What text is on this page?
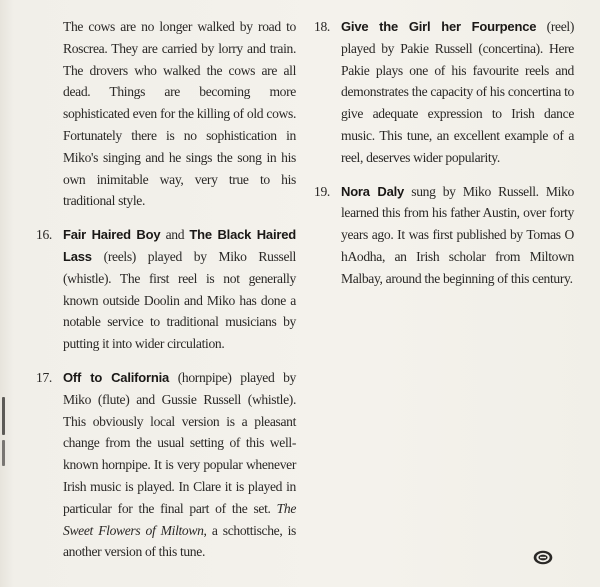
The cows are no longer walked by road to Roscrea. They are carried by lorry and train. The drovers who walked the cows are all dead. Things are becoming more sophisticated even for the killing of old cows. Fortunately there is no sophistication in Miko's singing and he sings the song in his own inimitable way, very true to his traditional style.

16. Fair Haired Boy and The Black Haired Lass (reels) played by Miko Russell (whistle). The first reel is not generally known outside Doolin and Miko has done a notable service to traditional musicians by putting it into wider circulation.

17. Off to California (hornpipe) played by Miko (flute) and Gussie Russell (whistle). This obviously local version is a pleasant change from the usual setting of this well-known hornpipe. It is very popular whenever Irish music is played. In Clare it is played in particular for the final part of the set. The Sweet Flowers of Miltown, a schottische, is another version of this tune.

18. Give the Girl her Fourpence (reel) played by Pakie Russell (concertina). Here Pakie plays one of his favourite reels and demonstrates the capacity of his concertina to give adequate expression to Irish dance music. This tune, an excellent example of a reel, deserves wider popularity.

19. Nora Daly sung by Miko Russell. Miko learned this from his father Austin, over forty years ago. It was first published by Tomas O hAodha, an Irish scholar from Miltown Malbay, around the beginning of this century.
